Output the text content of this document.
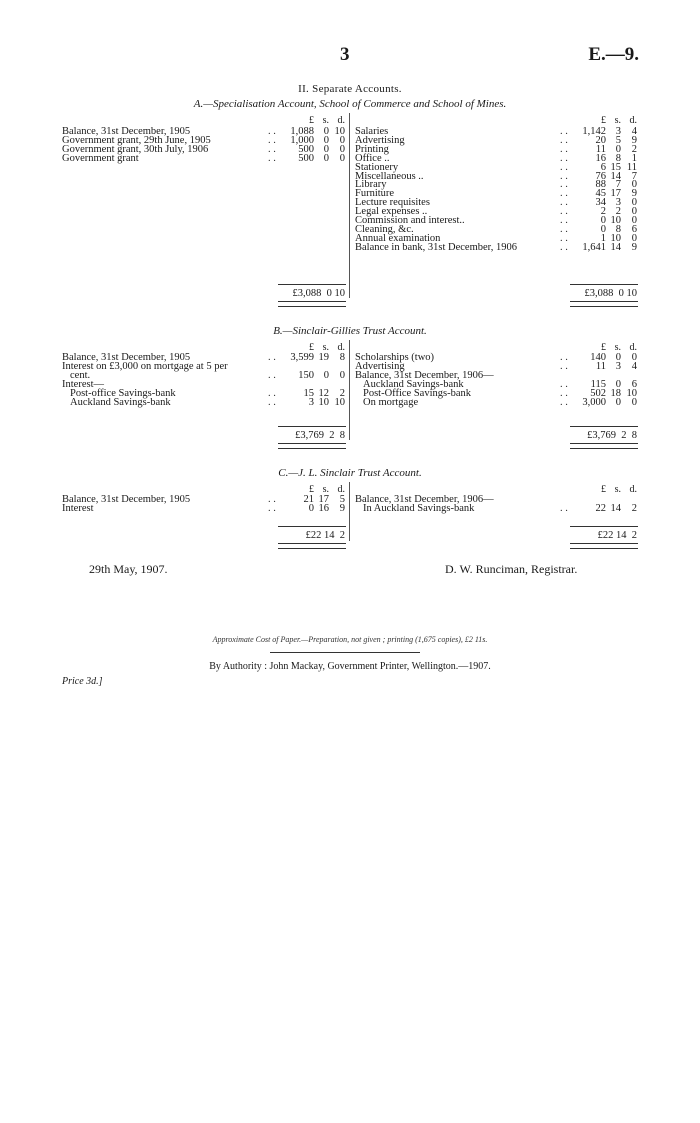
3	E.—9.
II. Separate Accounts.
A.—Specialisation Account, School of Commerce and School of Mines.
£ s. d.	£ s. d.
Balance, 31st December, 1905	. .	1,088 0 10
Government grant, 29th June, 1905	. .	1,000 0	0
Government grant, 30th July, 1906	. .	500 0	0
Government grant	. .	500 0	0
Salaries	. .	1,142 3	4
Advertising	. .	20 5	9
Printing	. .	11 0	2
Office ..	. .	16 8	1
Stationery	. .	6 15 11
Miscellaneous ..	. .	76 14	7
Library	. .	88 7	0
Furniture	. .	45 17	9
Lecture requisites	. .	34 3	0
Legal expenses ..	. .	2 2	0
Commission and interest..	. .	0 10	0
Cleaning, &c.	. .	0 8	6
Annual examination	. .	1 10	0
Balance in bank, 31st December, 1906	. .	1,641 14	9
£3,088  0 10	£3,088  0 10
B.—Sinclair-Gillies Trust Account.
£ s. d.	£ s. d.
Balance, 31st December, 1905	. .	3,599 19	8
Interest on £3,000 on mortgage at 5 per
cent.	. .	150 0	0
Interest—
Post-office Savings-bank	. .	15 12	2
Auckland Savings-bank	. .	3 10 10
Scholarships (two)	. .	140 0	0
Advertising	. .	11 3	4
Balance, 31st December, 1906—
Auckland Savings-bank	. .	115 0	6
Post-Office Savings-bank	. .	502 18 10
On mortgage	. .	3,000 0	0
£3,769  2  8	£3,769  2  8
C.—J. L. Sinclair Trust Account.
£ s. d.	£ s. d.
Balance, 31st December, 1905	. .	21 17	5
Interest	. .	0 16	9
Balance, 31st December, 1906—
In Auckland Savings-bank	. .	22 14	2
£22 14  2	£22 14  2
29th May, 1907.	D. W. Runciman, Registrar.
Approximate Cost of Paper.—Preparation, not given ; printing (1,675 copies), £2 11s.
By Authority : John Mackay, Government Printer, Wellington.—1907.
Price 3d.]
